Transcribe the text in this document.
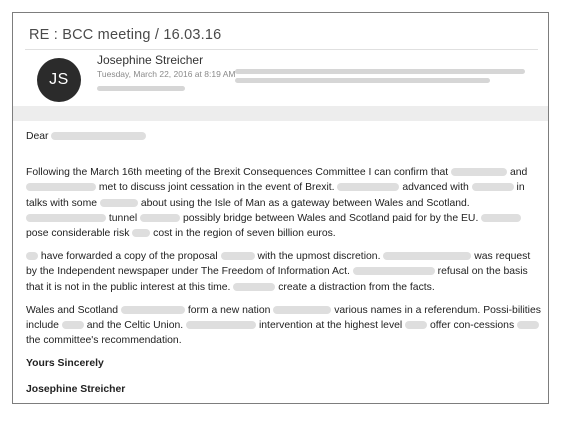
RE : BCC meeting / 16.03.16
JS
Josephine Streicher
Tuesday, March 22, 2016 at 8:19 AM

Dear

Following the March 16th meeting of the Brexit Consequences Committee I can confirm that	and  met to discuss joint cessation in the event of Brexit.	advanced with	in talks with some	about using the Isle of Man as a gateway between Wales and Scotland.  tunnel	possibly bridge between Wales and Scotland paid for by the EU.  pose considerable risk cost in the region of seven billion euros.

have forwarded a copy of the proposal	with the upmost discretion.	was request by the Independent newspaper under The Freedom of Information Act.	refusal on the basis that it is not in the public interest at this time.	create a distraction from the facts.

Wales and Scotland	form a new nation	various names in a referendum. Possi-bilities include	and the Celtic Union.	intervention at the highest level	offer con-cessions  the committee's recommendation.

Yours Sincerely

Josephine Streicher
